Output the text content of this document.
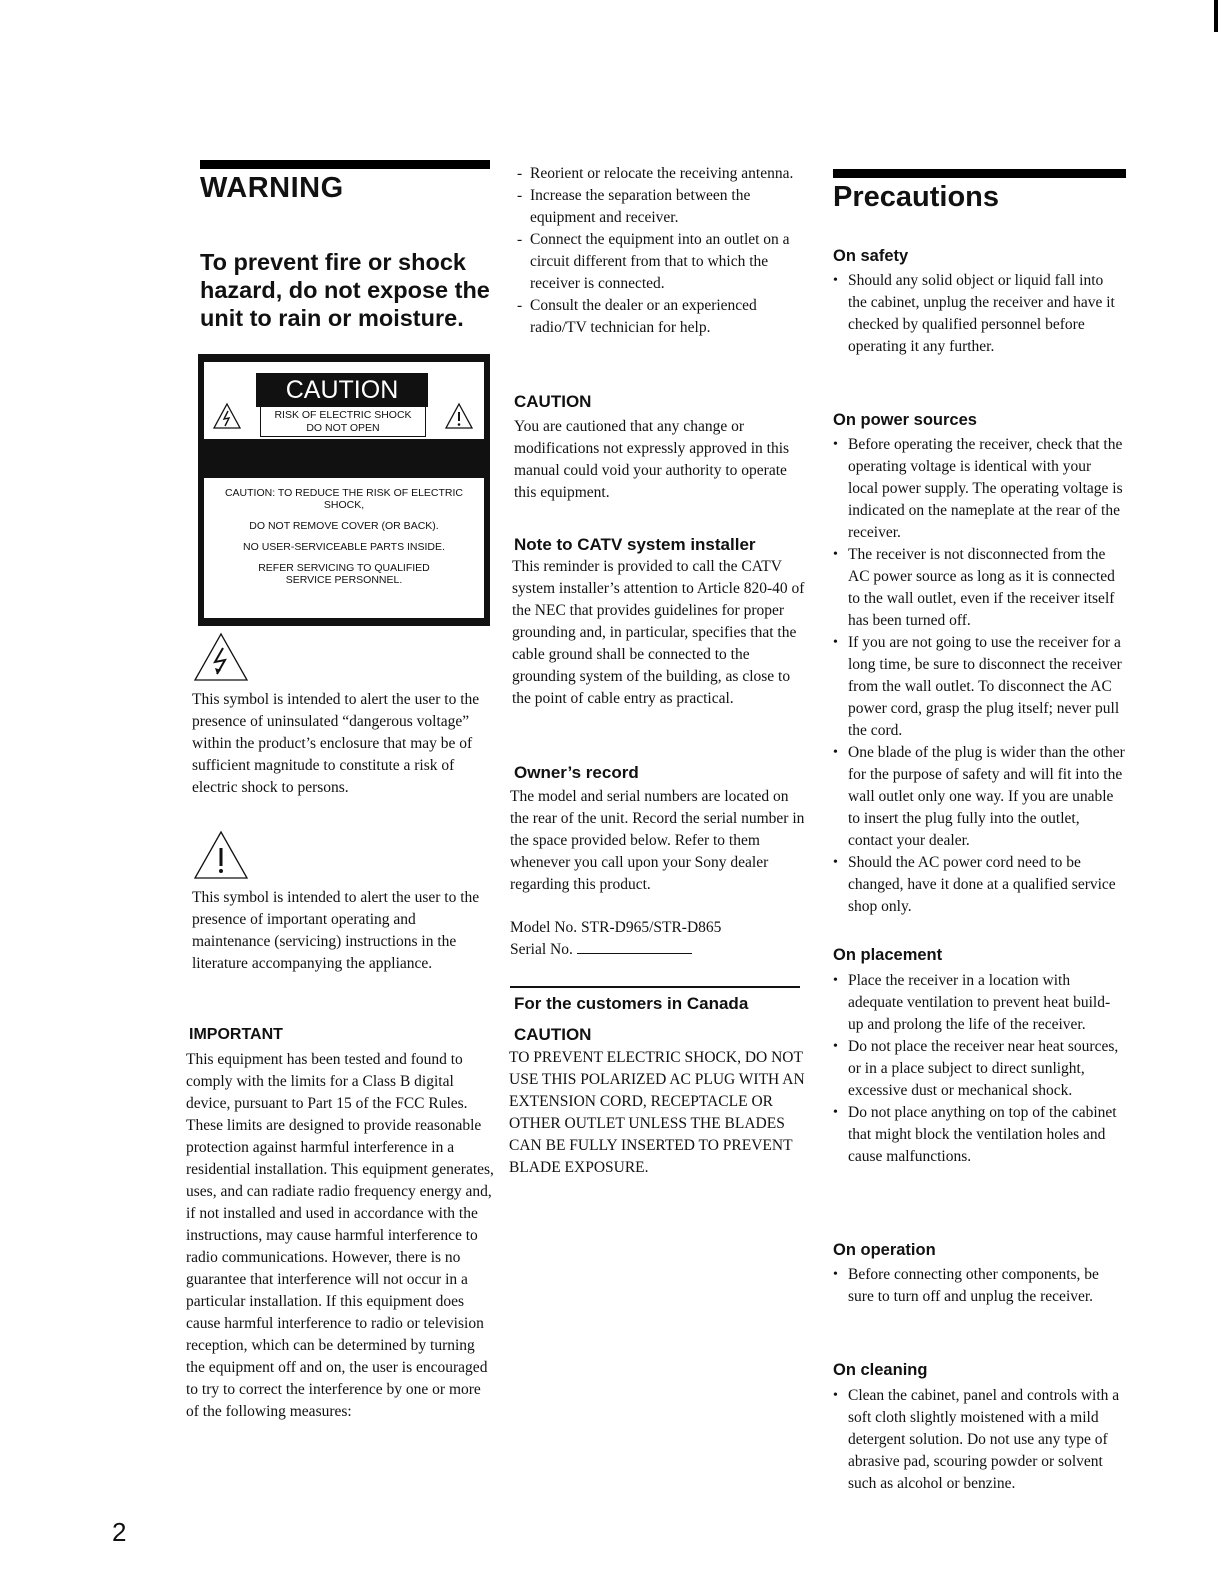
WARNING
To prevent fire or shock hazard, do not expose the unit to rain or moisture.
CAUTION
RISK OF ELECTRIC SHOCK
DO NOT OPEN
CAUTION: TO REDUCE THE RISK OF ELECTRIC SHOCK,
DO NOT REMOVE COVER (OR BACK).
NO USER-SERVICEABLE PARTS INSIDE.
REFER SERVICING TO QUALIFIED SERVICE PERSONNEL.
This symbol is intended to alert the user to the presence of uninsulated “dangerous voltage” within the product’s enclosure that may be of sufficient magnitude to constitute a risk of electric shock to persons.
This symbol is intended to alert the user to the presence of important operating and maintenance (servicing) instructions in the literature accompanying the appliance.
IMPORTANT
This equipment has been tested and found to comply with the limits for a Class B digital device, pursuant to Part 15 of the FCC Rules. These limits are designed to provide reasonable protection against harmful interference in a residential installation. This equipment generates, uses, and can radiate radio frequency energy and, if not installed and used in accordance with the instructions, may cause harmful interference to radio communications. However, there is no guarantee that interference will not occur in a particular installation. If this equipment does cause harmful interference to radio or television reception, which can be determined by turning the equipment off and on, the user is encouraged to try to correct the interference by one or more of the following measures:
- Reorient or relocate the receiving antenna.
- Increase the separation between the equipment and receiver.
- Connect the equipment into an outlet on a circuit different from that to which the receiver is connected.
- Consult the dealer or an experienced radio/TV technician for help.
CAUTION
You are cautioned that any change or modifications not expressly approved in this manual could void your authority to operate this equipment.
Note to CATV system installer
This reminder is provided to call the CATV system installer’s attention to Article 820-40 of the NEC that provides guidelines for proper grounding and, in particular, specifies that the cable ground shall be connected to the grounding system of the building, as close to the point of cable entry as practical.
Owner’s record
The model and serial numbers are located on the rear of the unit. Record the serial number in the space provided below. Refer to them whenever you call upon your Sony dealer regarding this product.
Model No. STR-D965/STR-D865
Serial No.
For the customers in Canada
CAUTION
TO PREVENT ELECTRIC SHOCK, DO NOT USE THIS POLARIZED AC PLUG WITH AN EXTENSION CORD, RECEPTACLE OR OTHER OUTLET UNLESS THE BLADES CAN BE FULLY INSERTED TO PREVENT BLADE EXPOSURE.
Precautions
On safety
• Should any solid object or liquid fall into the cabinet, unplug the receiver and have it checked by qualified personnel before operating it any further.
On power sources
• Before operating the receiver, check that the operating voltage is identical with your local power supply. The operating voltage is indicated on the nameplate at the rear of the receiver.
• The receiver is not disconnected from the AC power source as long as it is connected to the wall outlet, even if the receiver itself has been turned off.
• If you are not going to use the receiver for a long time, be sure to disconnect the receiver from the wall outlet. To disconnect the AC power cord, grasp the plug itself; never pull the cord.
• One blade of the plug is wider than the other for the purpose of safety and will fit into the wall outlet only one way. If you are unable to insert the plug fully into the outlet, contact your dealer.
• Should the AC power cord need to be changed, have it done at a qualified service shop only.
On placement
• Place the receiver in a location with adequate ventilation to prevent heat build-up and prolong the life of the receiver.
• Do not place the receiver near heat sources, or in a place subject to direct sunlight, excessive dust or mechanical shock.
• Do not place anything on top of the cabinet that might block the ventilation holes and cause malfunctions.
On operation
• Before connecting other components, be sure to turn off and unplug the receiver.
On cleaning
• Clean the cabinet, panel and controls with a soft cloth slightly moistened with a mild detergent solution. Do not use any type of abrasive pad, scouring powder or solvent such as alcohol or benzine.
2
